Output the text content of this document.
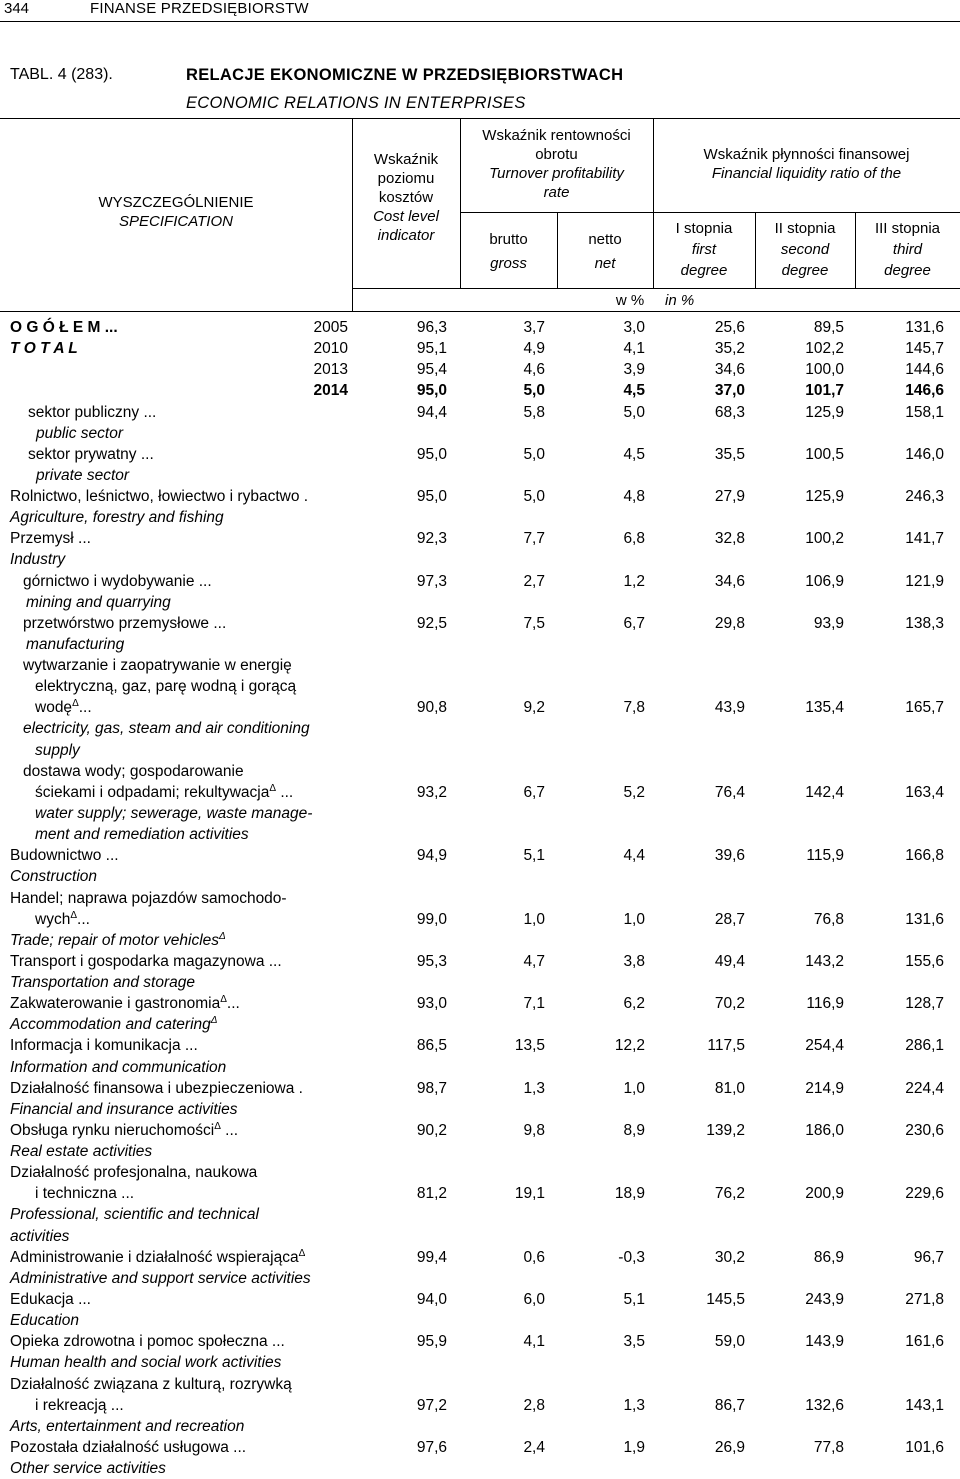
344	FINANSE PRZEDSIĘBIORSTW
TABL. 4 (283).	RELACJE EKONOMICZNE W PRZEDSIĘBIORSTWACH
ECONOMIC RELATIONS IN ENTERPRISES
WYSZCZEGÓLNIENIE
SPECIFICATION
Wskaźnik
poziomu
kosztów
Cost level
indicator
Wskaźnik rentowności
obrotu
Turnover profitability
rate
brutto
gross
netto
net
Wskaźnik płynności finansowej
Financial liquidity ratio of the
I stopnia
first
degree
II stopnia
second
degree
III stopnia
third
degree
w % in %
O G Ó Ł E M ...	2005	96,3	3,7	3,0	25,6	89,5	131,6
T O T A L	2010	95,1	4,9	4,1	35,2	102,2	145,7
2013	95,4	4,6	3,9	34,6	100,0	144,6
2014	95,0	5,0	4,5	37,0	101,7	146,6
sektor publiczny ...	94,4	5,8	5,0	68,3	125,9	158,1
public sector
sektor prywatny ...	95,0	5,0	4,5	35,5	100,5	146,0
private sector
Rolnictwo, leśnictwo, łowiectwo i rybactwo .	95,0	5,0	4,8	27,9	125,9	246,3
Agriculture, forestry and fishing
Przemysł ...	92,3	7,7	6,8	32,8	100,2	141,7
Industry
górnictwo i wydobywanie ...	97,3	2,7	1,2	34,6	106,9	121,9
mining and quarrying
przetwórstwo przemysłowe ...	92,5	7,5	6,7	29,8	93,9	138,3
manufacturing
wytwarzanie i zaopatrywanie w energię
elektryczną, gaz, parę wodną i gorącą
wodę$^\Delta$...	90,8	9,2	7,8	43,9	135,4	165,7
electricity, gas, steam and air conditioning
supply
dostawa wody; gospodarowanie
ściekami i odpadami; rekultywacja$^\Delta$ ...	93,2	6,7	5,2	76,4	142,4	163,4
water supply; sewerage, waste manage-
ment and remediation activities
Budownictwo ...	94,9	5,1	4,4	39,6	115,9	166,8
Construction
Handel; naprawa pojazdów samochodo-
wych$^\Delta$...	99,0	1,0	1,0	28,7	76,8	131,6
Trade; repair of motor vehicles$^\Delta$
Transport i gospodarka magazynowa ...	95,3	4,7	3,8	49,4	143,2	155,6
Transportation and storage
Zakwaterowanie i gastronomia$^\Delta$...	93,0	7,1	6,2	70,2	116,9	128,7
Accommodation and catering$^\Delta$
Informacja i komunikacja ...	86,5	13,5	12,2	117,5	254,4	286,1
Information and communication
Działalność finansowa i ubezpieczeniowa .	98,7	1,3	1,0	81,0	214,9	224,4
Financial and insurance activities
Obsługa rynku nieruchomości$^\Delta$ ...	90,2	9,8	8,9	139,2	186,0	230,6
Real estate activities
Działalność profesjonalna, naukowa
i techniczna ...	81,2	19,1	18,9	76,2	200,9	229,6
Professional, scientific and technical
activities
Administrowanie i działalność wspierająca$^\Delta$	99,4	0,6	-0,3	30,2	86,9	96,7
Administrative and support service activities
Edukacja ...	94,0	6,0	5,1	145,5	243,9	271,8
Education
Opieka zdrowotna i pomoc społeczna ...	95,9	4,1	3,5	59,0	143,9	161,6
Human health and social work activities
Działalność związana z kulturą, rozrywką
i rekreacją ...	97,2	2,8	1,3	86,7	132,6	143,1
Arts, entertainment and recreation
Pozostała działalność usługowa ...	97,6	2,4	1,9	26,9	77,8	101,6
Other service activities
